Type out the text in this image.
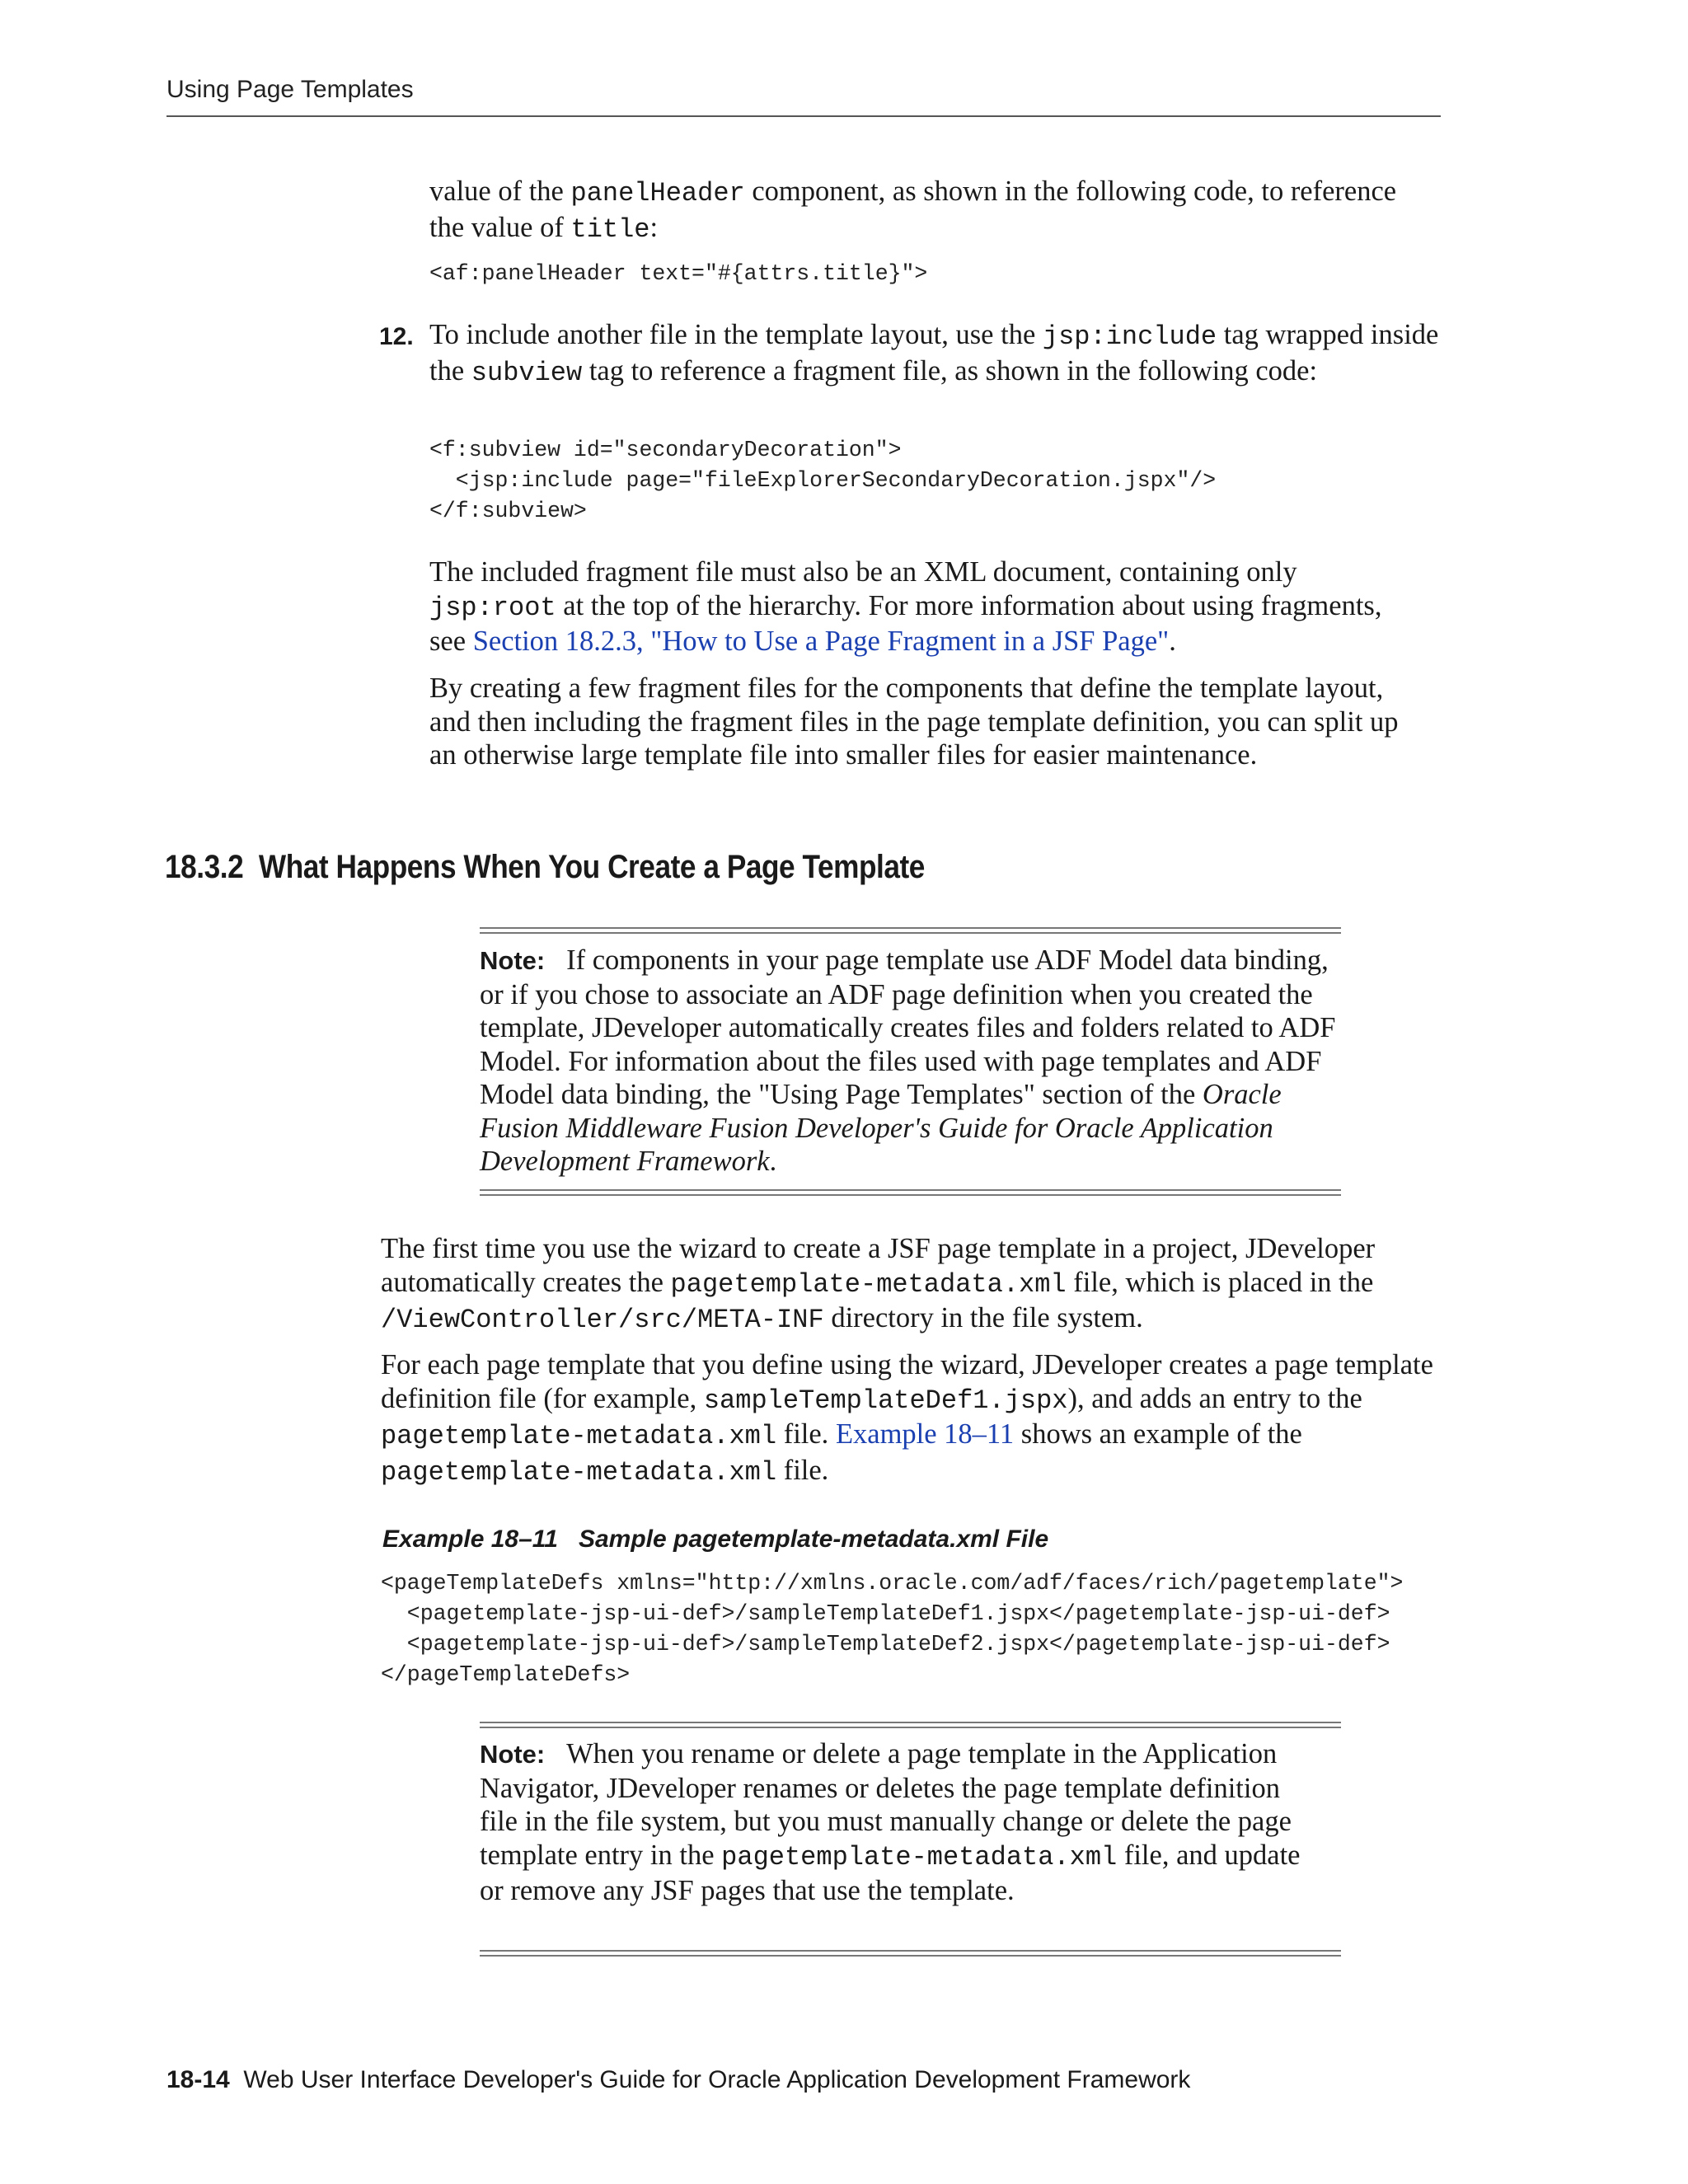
Using Page Templates

value of the panelHeader component, as shown in the following code, to reference the value of title:

<af:panelHeader text="#{attrs.title}">
12. To include another file in the template layout, use the jsp:include tag wrapped inside the subview tag to reference a fragment file, as shown in the following code:

<f:subview id="secondaryDecoration">
<jsp:include page="fileExplorerSecondaryDecoration.jspx"/>
</f:subview>

The included fragment file must also be an XML document, containing only jsp:root at the top of the hierarchy. For more information about using fragments, see Section 18.2.3, "How to Use a Page Fragment in a JSF Page".

By creating a few fragment files for the components that define the template layout, and then including the fragment files in the page template definition, you can split up an otherwise large template file into smaller files for easier maintenance.

18.3.2 What Happens When You Create a Page Template

Note: If components in your page template use ADF Model data binding, or if you chose to associate an ADF page definition when you created the template, JDeveloper automatically creates files and folders related to ADF Model. For information about the files used with page templates and ADF Model data binding, the "Using Page Templates" section of the Oracle Fusion Middleware Fusion Developer's Guide for Oracle Application Development Framework.

The first time you use the wizard to create a JSF page template in a project, JDeveloper automatically creates the pagetemplate-metadata.xml file, which is placed in the /ViewController/src/META-INF directory in the file system.

For each page template that you define using the wizard, JDeveloper creates a page template definition file (for example, sampleTemplateDef1.jspx), and adds an entry to the pagetemplate-metadata.xml file. Example 18–11 shows an example of the pagetemplate-metadata.xml file.

Example 18–11 Sample pagetemplate-metadata.xml File
<pageTemplateDefs xmlns="http://xmlns.oracle.com/adf/faces/rich/pagetemplate">
<pagetemplate-jsp-ui-def>/sampleTemplateDef1.jspx</pagetemplate-jsp-ui-def>
<pagetemplate-jsp-ui-def>/sampleTemplateDef2.jspx</pagetemplate-jsp-ui-def>
</pageTemplateDefs>

Note: When you rename or delete a page template in the Application Navigator, JDeveloper renames or deletes the page template definition file in the file system, but you must manually change or delete the page template entry in the pagetemplate-metadata.xml file, and update or remove any JSF pages that use the template.

18-14 Web User Interface Developer's Guide for Oracle Application Development Framework
